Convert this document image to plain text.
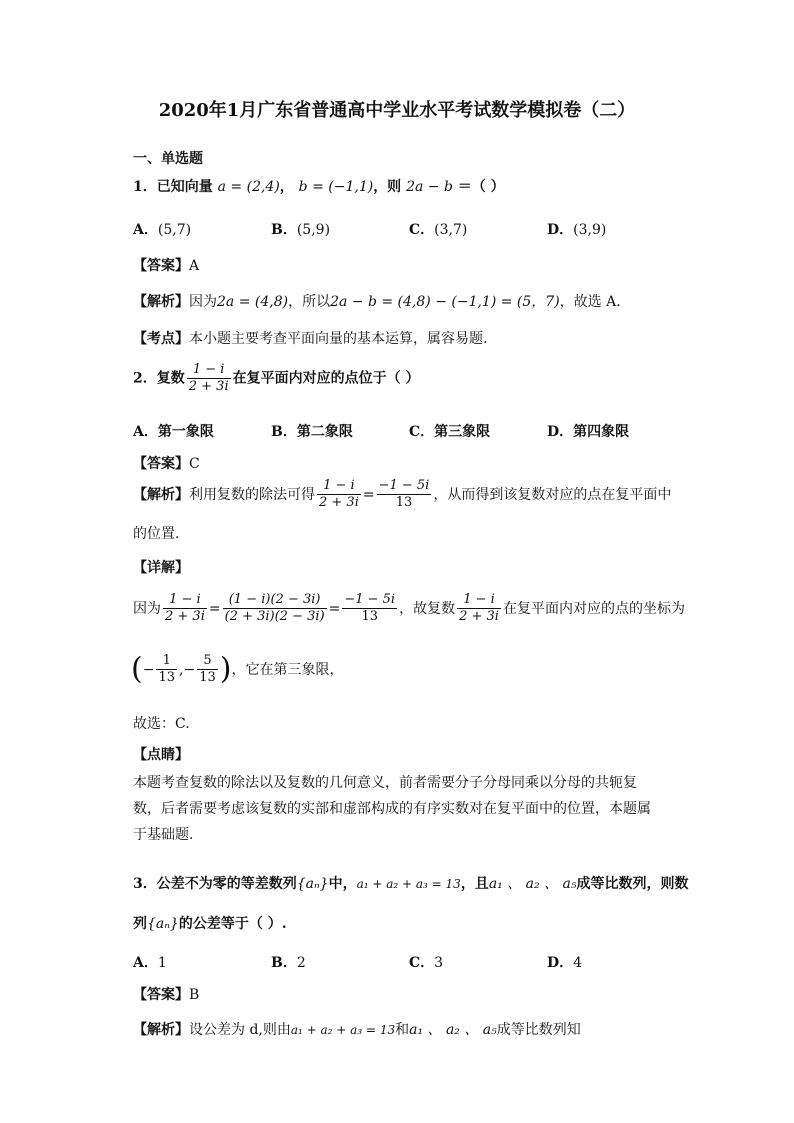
2020年1月广东省普通高中学业水平考试数学模拟卷（二）
一、单选题
1．已知向量 a = (2,4)， b = (−1,1)，则 2a − b ＝（ ）
A．(5,7)	B．(5,9)	C．(3,7)	D．(3,9)
【答案】A
【解析】因为2a = (4,8)，所以2a − b = (4,8) − (−1,1) = (5，7)，故选 A.
【考点】本小题主要考查平面向量的基本运算，属容易题.
2．复数 $\frac{1 - i}{2 + 3i}$ 在复平面内对应的点位于（ ）
A．第一象限	B．第二象限	C．第三象限	D．第四象限
【答案】C
【解析】利用复数的除法可得 $\frac{1 - i}{2 + 3i} = \frac{-1 - 5i}{13}$ ，从而得到该复数对应的点在复平面中
的位置.
【详解】
因为 $\frac{1 - i}{2 + 3i} = \frac{(1 - i)(2 - 3i)}{(2 + 3i)(2 - 3i)} = \frac{-1 - 5i}{13}$ ，故复数 $\frac{1 - i}{2 + 3i}$ 在复平面内对应的点的坐标为
(− $\frac{1}{13}$ ,− $\frac{5}{13}$ )，它在第三象限，
故选：C.
【点睛】
本题考查复数的除法以及复数的几何意义，前者需要分子分母同乘以分母的共轭复数，后者需要考虑该复数的实部和虚部构成的有序实数对在复平面中的位置，本题属于基础题.
3．公差不为零的等差数列{aₙ}中，a₁ + a₂ + a₃ = 13，且a₁ 、 a₂ 、 a₅成等比数列，则数
列{aₙ}的公差等于（ ）.
A．1	B．2	C．3	D．4
【答案】B
【解析】设公差为 d,则由a₁ + a₂ + a₃ = 13和a₁ 、 a₂ 、 a₅成等比数列知
